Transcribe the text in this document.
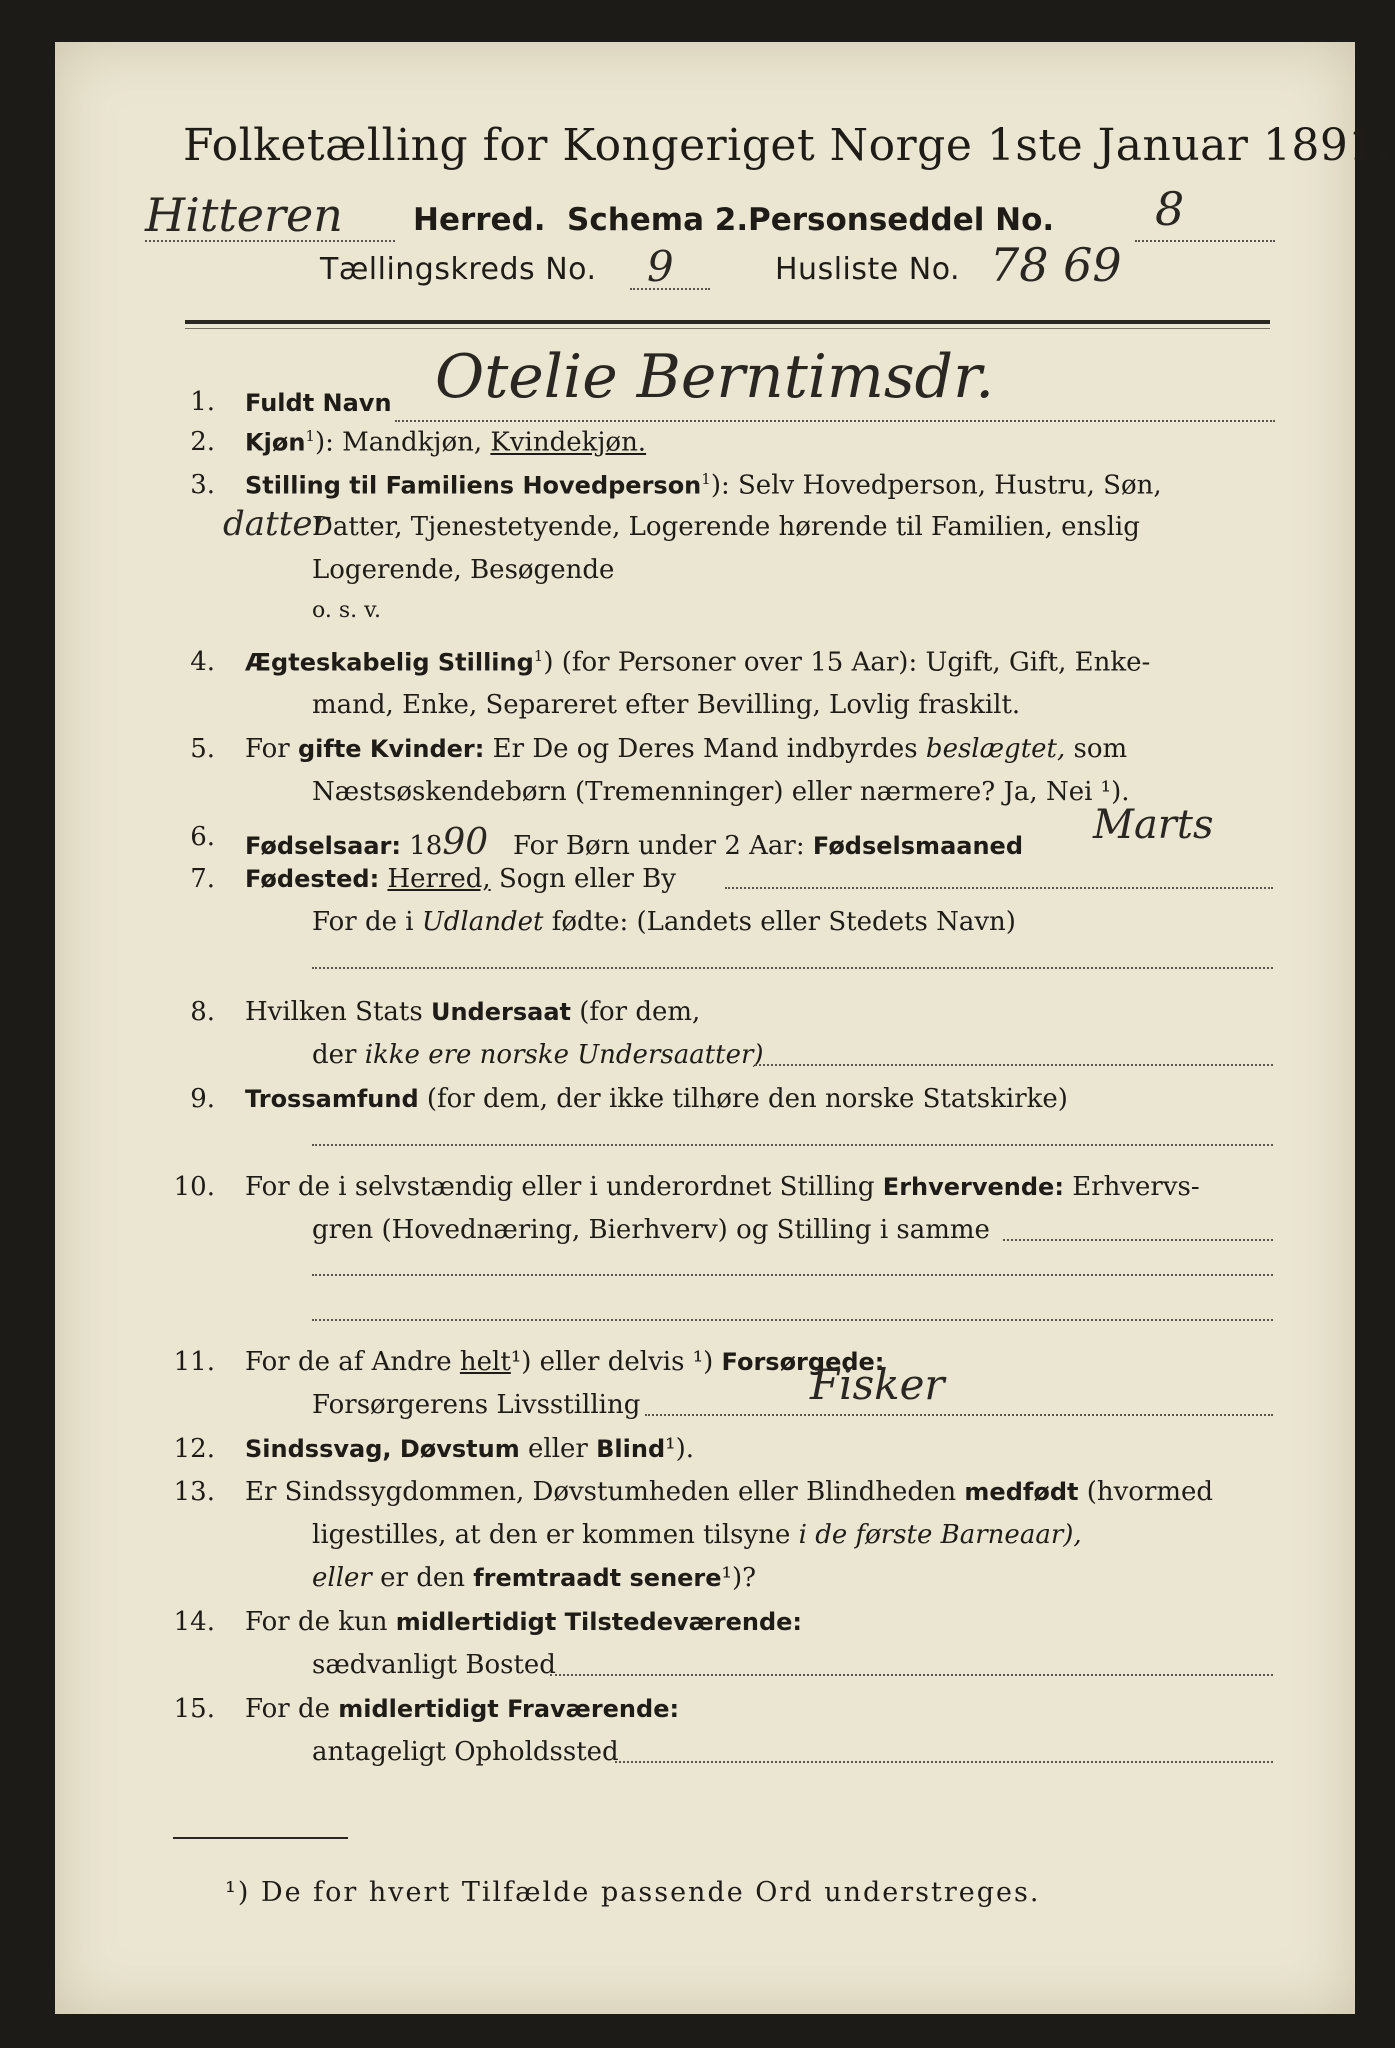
Folketælling for Kongeriget Norge 1ste Januar 1891.
Hitteren Herred. Schema 2. Personseddel No. 8
Tællingskreds No. 9	Husliste No. 78 69
1. Fuldt Navn Otelie Berntimsdr.
2. Kjøn$^1$): Mandkjøn, Kvindekjøn.
3. Stilling til Familiens Hovedperson$^1$): Selv Hovedperson, Hustru, Søn,
datter
Datter, Tjenestetyende, Logerende hørende til Familien, enslig
Logerende, Besøgende
o. s. v.
4. Ægteskabelig Stilling$^1$) (for Personer over 15 Aar): Ugift, Gift, Enke-
mand, Enke, Separeret efter Bevilling, Lovlig fraskilt.
5. For gifte Kvinder: Er De og Deres Mand indbyrdes beslægtet, som
Næstsøskendebørn (Tremenninger) eller nærmere? Ja, Nei ¹).
6. Fødselsaar: 1890 For Børn under 2 Aar: Fødselsmaaned Marts
7. Fødested: Herred, Sogn eller By
For de i Udlandet fødte: (Landets eller Stedets Navn)
8. Hvilken Stats Undersaat (for dem,
der ikke ere norske Undersaatter)
9. Trossamfund (for dem, der ikke tilhøre den norske Statskirke)
10. For de i selvstændig eller i underordnet Stilling Erhvervende: Erhvervs-
gren (Hovednæring, Bierhverv) og Stilling i samme
11. For de af Andre helt¹) eller delvis ¹) Forsørgede:
Forsørgerens Livsstilling	Fisker
12. Sindssvag, Døvstum eller Blind¹).
13. Er Sindssygdommen, Døvstumheden eller Blindheden medfødt (hvormed
ligestilles, at den er kommen tilsyne i de første Barneaar),
eller er den fremtraadt senere¹)?
14. For de kun midlertidigt Tilstedeværende:
sædvanligt Bosted
15. For de midlertidigt Fraværende:
antageligt Opholdssted
¹) De for hvert Tilfælde passende Ord understreges.
